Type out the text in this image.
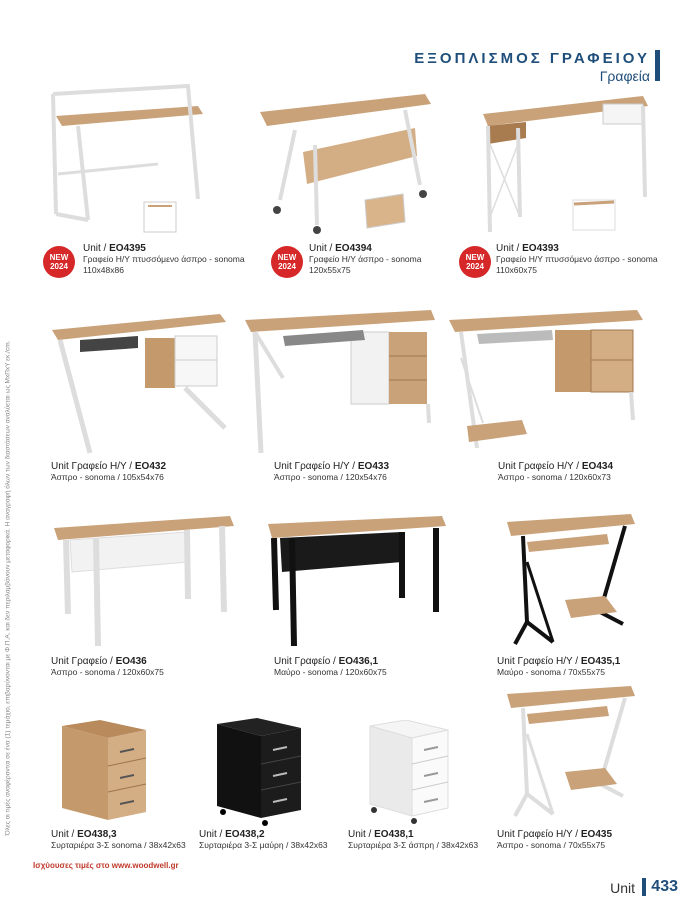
ΕΞΟΠΛΙΣΜΟΣ ΓΡΑΦΕΙΟΥ
Γραφεία
Όλες οι τιμές αναφέρονται σε ένα (1) τεμάχιο, επιβαρύνονται με Φ.Π.Α. και δεν περιλαμβάνουν μεταφορικά. Η αναγραφή όλων των διαστάσεων αναλύεται ως ΜxΠxΥ εκ./cm.
NEW
2024
Unit / EO4395
Γραφείο Η/Υ πτυσσόμενο άσπρο - sonoma
110x48x86
NEW
2024
Unit / EO4394
Γραφείο Η/Υ άσπρο - sonoma
120x55x75
NEW
2024
Unit / EO4393
Γραφείο Η/Υ πτυσσόμενο άσπρο - sonoma
110x60x75
Unit Γραφείο Η/Υ / EO432
Άσπρο - sonoma / 105x54x76
Unit Γραφείο Η/Υ / EO433
Άσπρο - sonoma / 120x54x76
Unit Γραφείο Η/Υ / EO434
Άσπρο - sonoma / 120x60x73
Unit Γραφείο / EO436
Άσπρο - sonoma / 120x60x75
Unit Γραφείο / EO436,1
Μαύρο - sonoma / 120x60x75
Unit Γραφείο Η/Υ / EO435,1
Μαύρο - sonoma / 70x55x75
Unit / EO438,3
Συρταριέρα 3-Σ sonoma / 38x42x63
Unit / EO438,2
Συρταριέρα 3-Σ μαύρη / 38x42x63
Unit / EO438,1
Συρταριέρα 3-Σ άσπρη / 38x42x63
Unit Γραφείο Η/Υ / EO435
Άσπρο - sonoma / 70x55x75
Ισχύουσες τιμές στο www.woodwell.gr
Unit	433
